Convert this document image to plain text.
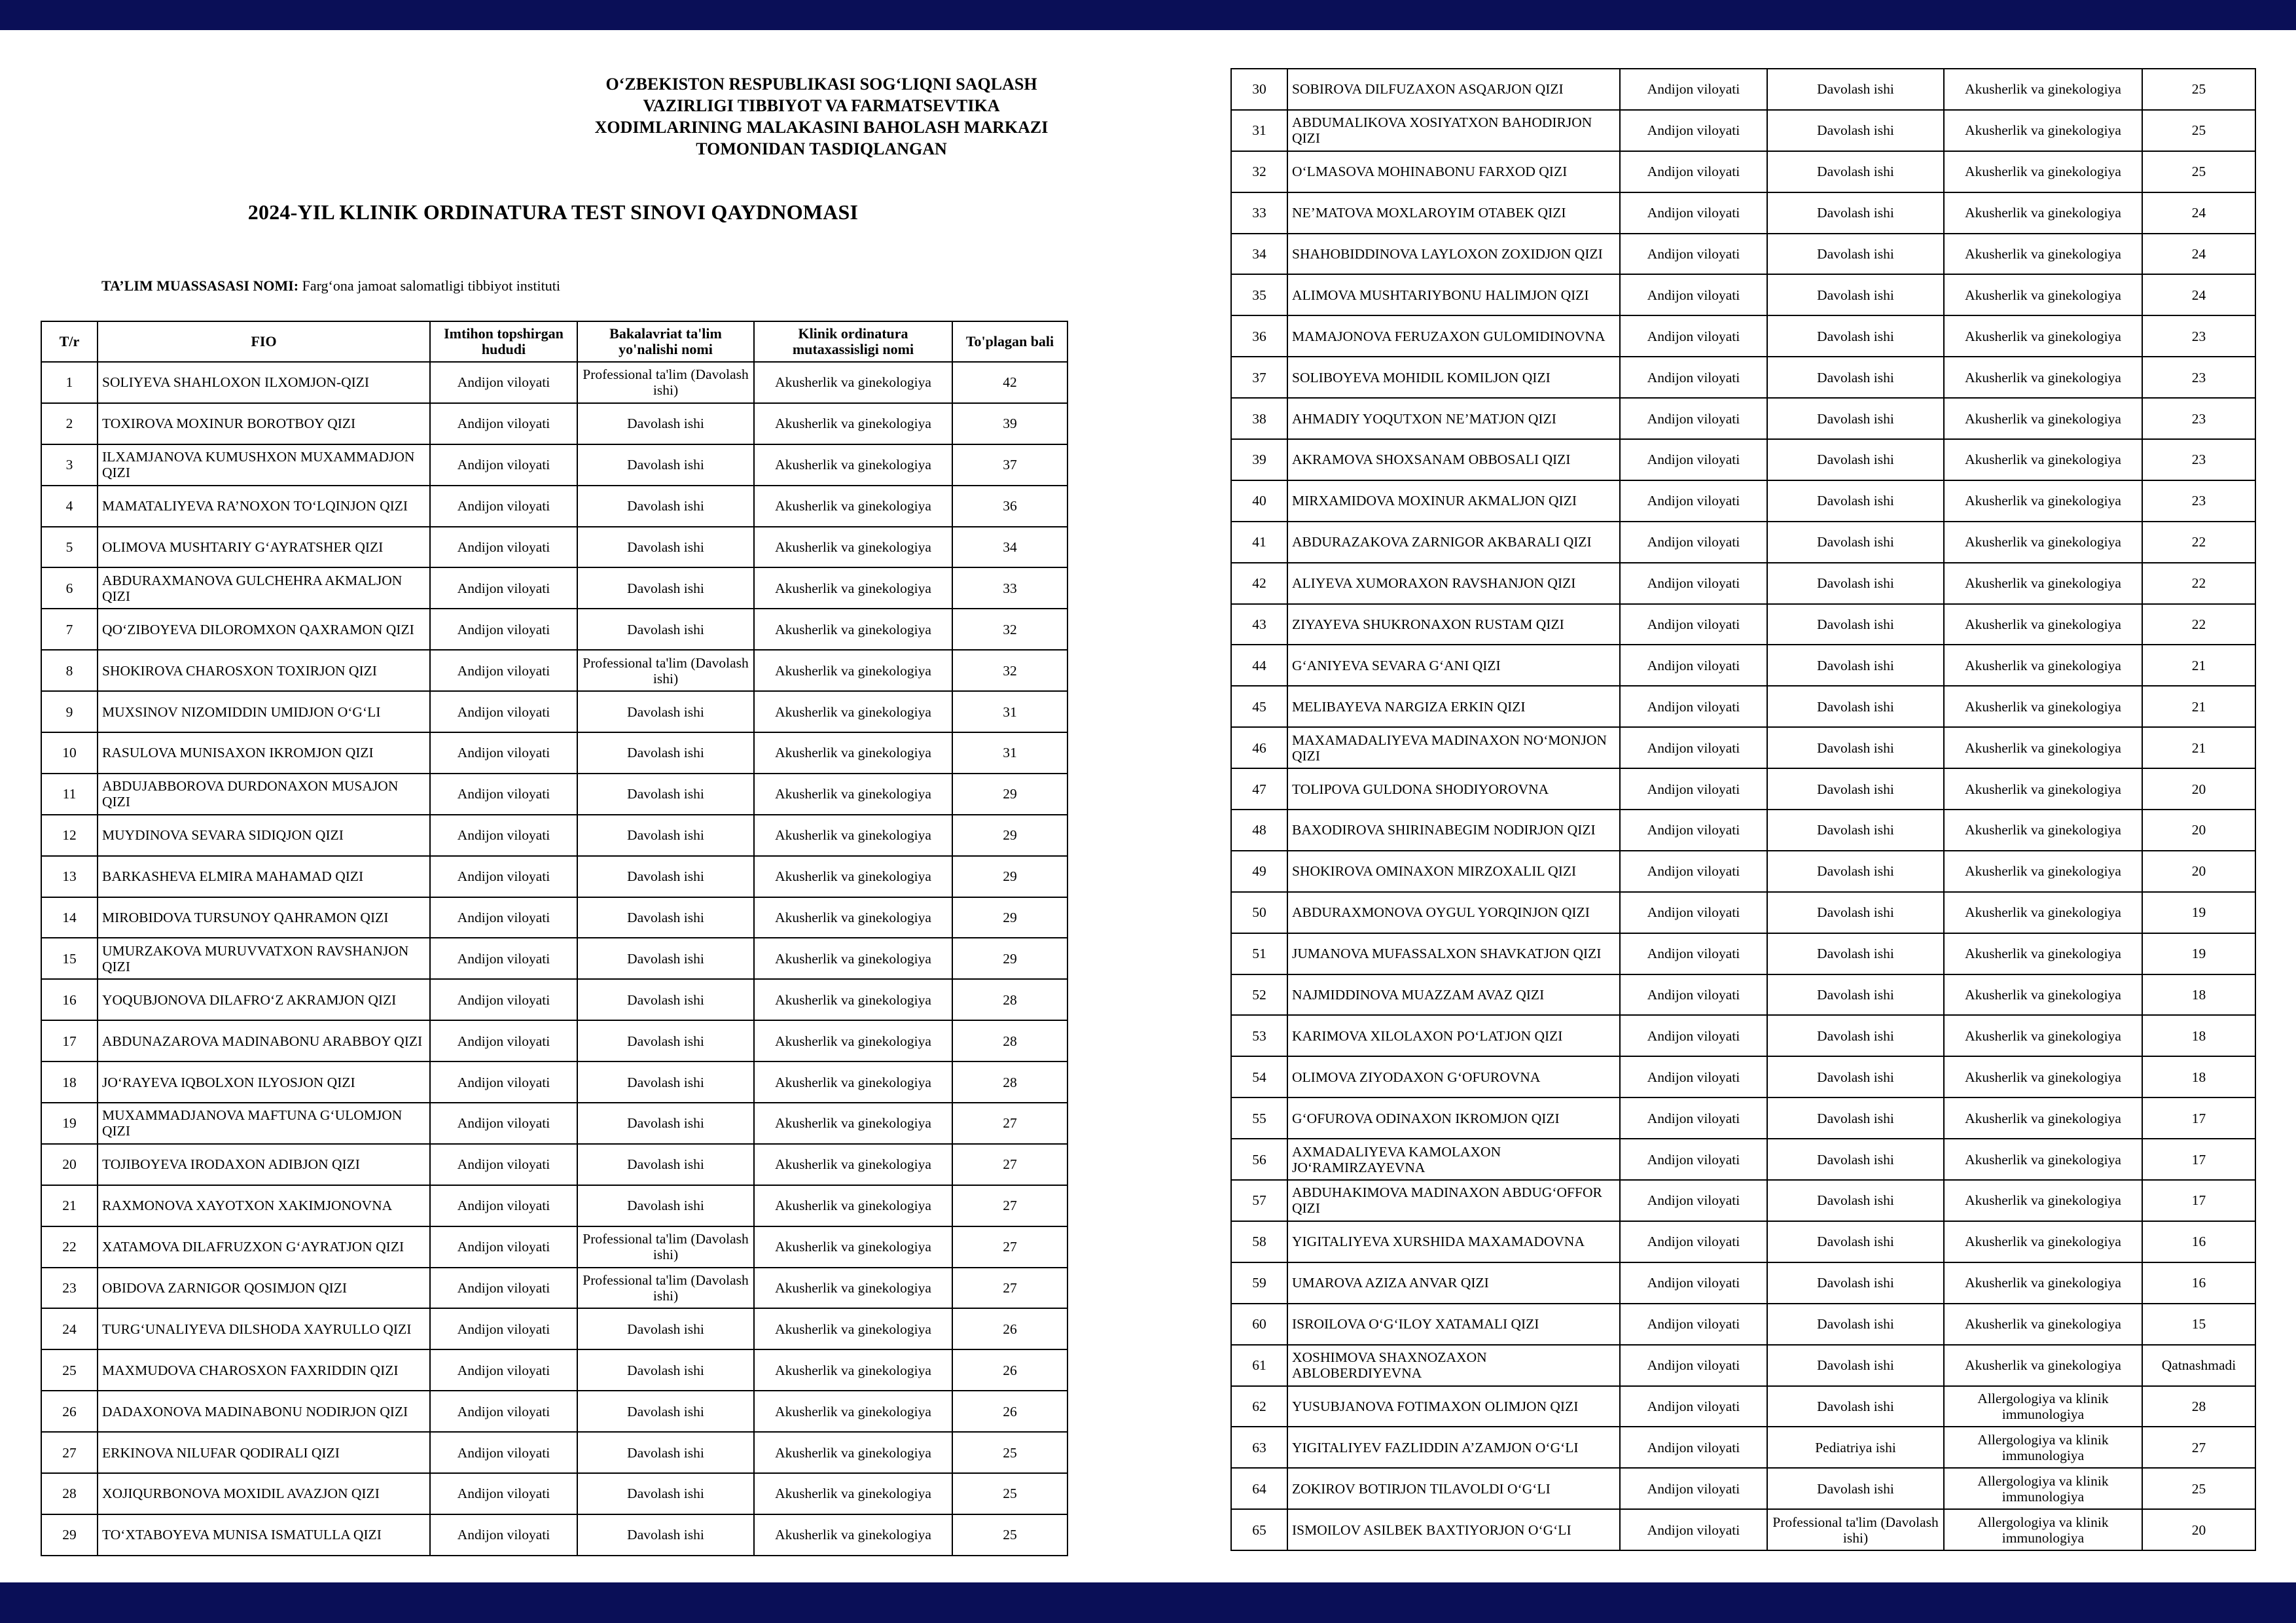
O‘ZBEKISTON RESPUBLIKASI SOG‘LIQNI SAQLASH
VAZIRLIGI TIBBIYOT VA FARMATSEVTIKA
XODIMLARINING MALAKASINI BAHOLASH MARKAZI
TOMONIDAN TASDIQLANGAN
2024-YIL KLINIK ORDINATURA TEST SINOVI QAYDNOMASI
TA’LIM MUASSASASI NOMI: Farg‘ona jamoat salomatligi tibbiyot instituti
T/r	FIO	Imtihon topshirgan hududi	Bakalavriat ta'lim yo'nalishi nomi	Klinik ordinatura mutaxassisligi nomi	To'plagan bali
1	SOLIYEVA SHAHLOXON ILXOMJON-QIZI	Andijon viloyati	Professional ta'lim (Davolash ishi)	Akusherlik va ginekologiya	42
2	TOXIROVA MOXINUR BOROTBOY QIZI	Andijon viloyati	Davolash ishi	Akusherlik va ginekologiya	39
3	ILXAMJANOVA KUMUSHXON MUXAMMADJON QIZI	Andijon viloyati	Davolash ishi	Akusherlik va ginekologiya	37
4	MAMATALIYEVA RA’NOXON TO‘LQINJON QIZI	Andijon viloyati	Davolash ishi	Akusherlik va ginekologiya	36
5	OLIMOVA MUSHTARIY G‘AYRATSHER QIZI	Andijon viloyati	Davolash ishi	Akusherlik va ginekologiya	34
6	ABDURAXMANOVA GULCHEHRA AKMALJON QIZI	Andijon viloyati	Davolash ishi	Akusherlik va ginekologiya	33
7	QO‘ZIBOYEVA DILOROMXON QAXRAMON QIZI	Andijon viloyati	Davolash ishi	Akusherlik va ginekologiya	32
8	SHOKIROVA CHAROSXON TOXIRJON QIZI	Andijon viloyati	Professional ta'lim (Davolash ishi)	Akusherlik va ginekologiya	32
9	MUXSINOV NIZOMIDDIN UMIDJON O‘G‘LI	Andijon viloyati	Davolash ishi	Akusherlik va ginekologiya	31
10	RASULOVA MUNISAXON IKROMJON QIZI	Andijon viloyati	Davolash ishi	Akusherlik va ginekologiya	31
11	ABDUJABBOROVA DURDONAXON MUSAJON QIZI	Andijon viloyati	Davolash ishi	Akusherlik va ginekologiya	29
12	MUYDINOVA SEVARA SIDIQJON QIZI	Andijon viloyati	Davolash ishi	Akusherlik va ginekologiya	29
13	BARKASHEVA ELMIRA MAHAMAD QIZI	Andijon viloyati	Davolash ishi	Akusherlik va ginekologiya	29
14	MIROBIDOVA TURSUNOY QAHRAMON QIZI	Andijon viloyati	Davolash ishi	Akusherlik va ginekologiya	29
15	UMURZAKOVA MURUVVATXON RAVSHANJON QIZI	Andijon viloyati	Davolash ishi	Akusherlik va ginekologiya	29
16	YOQUBJONOVA DILAFRO‘Z AKRAMJON QIZI	Andijon viloyati	Davolash ishi	Akusherlik va ginekologiya	28
17	ABDUNAZAROVA MADINABONU ARABBOY QIZI	Andijon viloyati	Davolash ishi	Akusherlik va ginekologiya	28
18	JO‘RAYEVA IQBOLXON ILYOSJON QIZI	Andijon viloyati	Davolash ishi	Akusherlik va ginekologiya	28
19	MUXAMMADJANOVA MAFTUNA G‘ULOMJON QIZI	Andijon viloyati	Davolash ishi	Akusherlik va ginekologiya	27
20	TOJIBOYEVA IRODAXON ADIBJON QIZI	Andijon viloyati	Davolash ishi	Akusherlik va ginekologiya	27
21	RAXMONOVA XAYOTXON XAKIMJONOVNA	Andijon viloyati	Davolash ishi	Akusherlik va ginekologiya	27
22	XATAMOVA DILAFRUZXON G‘AYRATJON QIZI	Andijon viloyati	Professional ta'lim (Davolash ishi)	Akusherlik va ginekologiya	27
23	OBIDOVA ZARNIGOR QOSIMJON QIZI	Andijon viloyati	Professional ta'lim (Davolash ishi)	Akusherlik va ginekologiya	27
24	TURG‘UNALIYEVA DILSHODA XAYRULLO QIZI	Andijon viloyati	Davolash ishi	Akusherlik va ginekologiya	26
25	MAXMUDOVA CHAROSXON FAXRIDDIN QIZI	Andijon viloyati	Davolash ishi	Akusherlik va ginekologiya	26
26	DADAXONOVA MADINABONU NODIRJON QIZI	Andijon viloyati	Davolash ishi	Akusherlik va ginekologiya	26
27	ERKINOVA NILUFAR QODIRALI QIZI	Andijon viloyati	Davolash ishi	Akusherlik va ginekologiya	25
28	XOJIQURBONOVA MOXIDIL AVAZJON QIZI	Andijon viloyati	Davolash ishi	Akusherlik va ginekologiya	25
29	TO‘XTABOYEVA MUNISA ISMATULLA QIZI	Andijon viloyati	Davolash ishi	Akusherlik va ginekologiya	25
30	SOBIROVA DILFUZAXON ASQARJON QIZI	Andijon viloyati	Davolash ishi	Akusherlik va ginekologiya	25
31	ABDUMALIKOVA XOSIYATXON BAHODIRJON QIZI	Andijon viloyati	Davolash ishi	Akusherlik va ginekologiya	25
32	O‘LMASOVA MOHINABONU FARXOD QIZI	Andijon viloyati	Davolash ishi	Akusherlik va ginekologiya	25
33	NE’MATOVA MOXLAROYIM OTABEK QIZI	Andijon viloyati	Davolash ishi	Akusherlik va ginekologiya	24
34	SHAHOBIDDINOVA LAYLOXON ZOXIDJON QIZI	Andijon viloyati	Davolash ishi	Akusherlik va ginekologiya	24
35	ALIMOVA MUSHTARIYBONU HALIMJON QIZI	Andijon viloyati	Davolash ishi	Akusherlik va ginekologiya	24
36	MAMAJONOVA FERUZAXON GULOMIDINOVNA	Andijon viloyati	Davolash ishi	Akusherlik va ginekologiya	23
37	SOLIBOYEVA MOHIDIL KOMILJON QIZI	Andijon viloyati	Davolash ishi	Akusherlik va ginekologiya	23
38	AHMADIY YOQUTXON NE’MATJON QIZI	Andijon viloyati	Davolash ishi	Akusherlik va ginekologiya	23
39	AKRAMOVA SHOXSANAM OBBOSALI QIZI	Andijon viloyati	Davolash ishi	Akusherlik va ginekologiya	23
40	MIRXAMIDOVA MOXINUR AKMALJON QIZI	Andijon viloyati	Davolash ishi	Akusherlik va ginekologiya	23
41	ABDURAZAKOVA ZARNIGOR AKBARALI QIZI	Andijon viloyati	Davolash ishi	Akusherlik va ginekologiya	22
42	ALIYEVA XUMORAXON RAVSHANJON QIZI	Andijon viloyati	Davolash ishi	Akusherlik va ginekologiya	22
43	ZIYAYEVA SHUKRONAXON RUSTAM QIZI	Andijon viloyati	Davolash ishi	Akusherlik va ginekologiya	22
44	G‘ANIYEVA SEVARA G‘ANI QIZI	Andijon viloyati	Davolash ishi	Akusherlik va ginekologiya	21
45	MELIBAYEVA NARGIZA ERKIN QIZI	Andijon viloyati	Davolash ishi	Akusherlik va ginekologiya	21
46	MAXAMADALIYEVA MADINAXON NO‘MONJON QIZI	Andijon viloyati	Davolash ishi	Akusherlik va ginekologiya	21
47	TOLIPOVA GULDONA SHODIYOROVNA	Andijon viloyati	Davolash ishi	Akusherlik va ginekologiya	20
48	BAXODIROVA SHIRINABEGIM NODIRJON QIZI	Andijon viloyati	Davolash ishi	Akusherlik va ginekologiya	20
49	SHOKIROVA OMINAXON MIRZOXALIL QIZI	Andijon viloyati	Davolash ishi	Akusherlik va ginekologiya	20
50	ABDURAXMONOVA OYGUL YORQINJON QIZI	Andijon viloyati	Davolash ishi	Akusherlik va ginekologiya	19
51	JUMANOVA MUFASSALXON SHAVKATJON QIZI	Andijon viloyati	Davolash ishi	Akusherlik va ginekologiya	19
52	NAJMIDDINOVA MUAZZAM AVAZ QIZI	Andijon viloyati	Davolash ishi	Akusherlik va ginekologiya	18
53	KARIMOVA XILOLAXON PO‘LATJON QIZI	Andijon viloyati	Davolash ishi	Akusherlik va ginekologiya	18
54	OLIMOVA ZIYODAXON G‘OFUROVNA	Andijon viloyati	Davolash ishi	Akusherlik va ginekologiya	18
55	G‘OFUROVA ODINAXON IKROMJON QIZI	Andijon viloyati	Davolash ishi	Akusherlik va ginekologiya	17
56	AXMADALIYEVA KAMOLAXON JO‘RAMIRZAYEVNA	Andijon viloyati	Davolash ishi	Akusherlik va ginekologiya	17
57	ABDUHAKIMOVA MADINAXON ABDUG‘OFFOR QIZI	Andijon viloyati	Davolash ishi	Akusherlik va ginekologiya	17
58	YIGITALIYEVA XURSHIDA MAXAMADOVNA	Andijon viloyati	Davolash ishi	Akusherlik va ginekologiya	16
59	UMAROVA AZIZA ANVAR QIZI	Andijon viloyati	Davolash ishi	Akusherlik va ginekologiya	16
60	ISROILOVA O‘G‘ILOY XATAMALI QIZI	Andijon viloyati	Davolash ishi	Akusherlik va ginekologiya	15
61	XOSHIMOVA SHAXNOZAXON ABLOBERDIYEVNA	Andijon viloyati	Davolash ishi	Akusherlik va ginekologiya	Qatnashmadi
62	YUSUBJANOVA FOTIMAXON OLIMJON QIZI	Andijon viloyati	Davolash ishi	Allergologiya va klinik immunologiya	28
63	YIGITALIYEV FAZLIDDIN A’ZAMJON O‘G‘LI	Andijon viloyati	Pediatriya ishi	Allergologiya va klinik immunologiya	27
64	ZOKIROV BOTIRJON TILAVOLDI O‘G‘LI	Andijon viloyati	Davolash ishi	Allergologiya va klinik immunologiya	25
65	ISMOILOV ASILBEK BAXTIYORJON O‘G‘LI	Andijon viloyati	Professional ta'lim (Davolash ishi)	Allergologiya va klinik immunologiya	20
